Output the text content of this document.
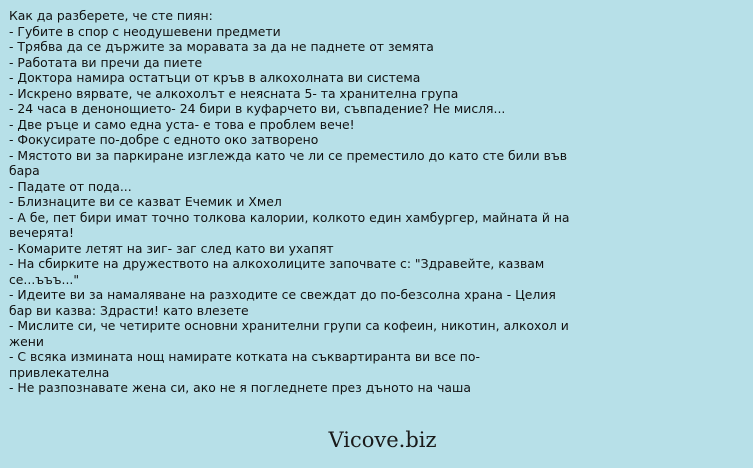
Как да разберете, че сте пиян:
- Губите в спор с неодушевени предмети
- Трябва да се държите за моравата за да не паднете от земята
- Работата ви пречи да пиете
- Доктора намира остатъци от кръв в алкохолната ви система
- Искрено вярвате, че алкохолът е неясната 5- та хранителна група
- 24 часа в денонощието- 24 бири в куфарчето ви, съвпадение? Не мисля...
- Две ръце и само една уста- е това е проблем вече!
- Фокусирате по-добре с едното око затворено
- Мястото ви за паркиране изглежда като че ли се преместило до като сте били във бара
- Падате от пода...
- Близнаците ви се казват Ечемик и Хмел
- А бе, пет бири имат точно толкова калории, колкото един хамбургер, майната й на вечерята!
- Комарите летят на зиг- заг след като ви ухапят
- На сбирките на дружеството на алкохолиците започвате с: "Здравейте, казвам се...ъъъ..."
- Идеите ви за намаляване на разходите се свеждат до по-безсолна храна - Целия бар ви казва: Здрасти! като влезете
- Мислите си, че четирите основни хранителни групи са кофеин, никотин, алкохол и жени
- С всяка измината нощ намирате котката на съквартиранта ви все по-привлекателна
- Не разпознавате жена си, ако не я погледнете през дъното на чаша
Vicove.biz
